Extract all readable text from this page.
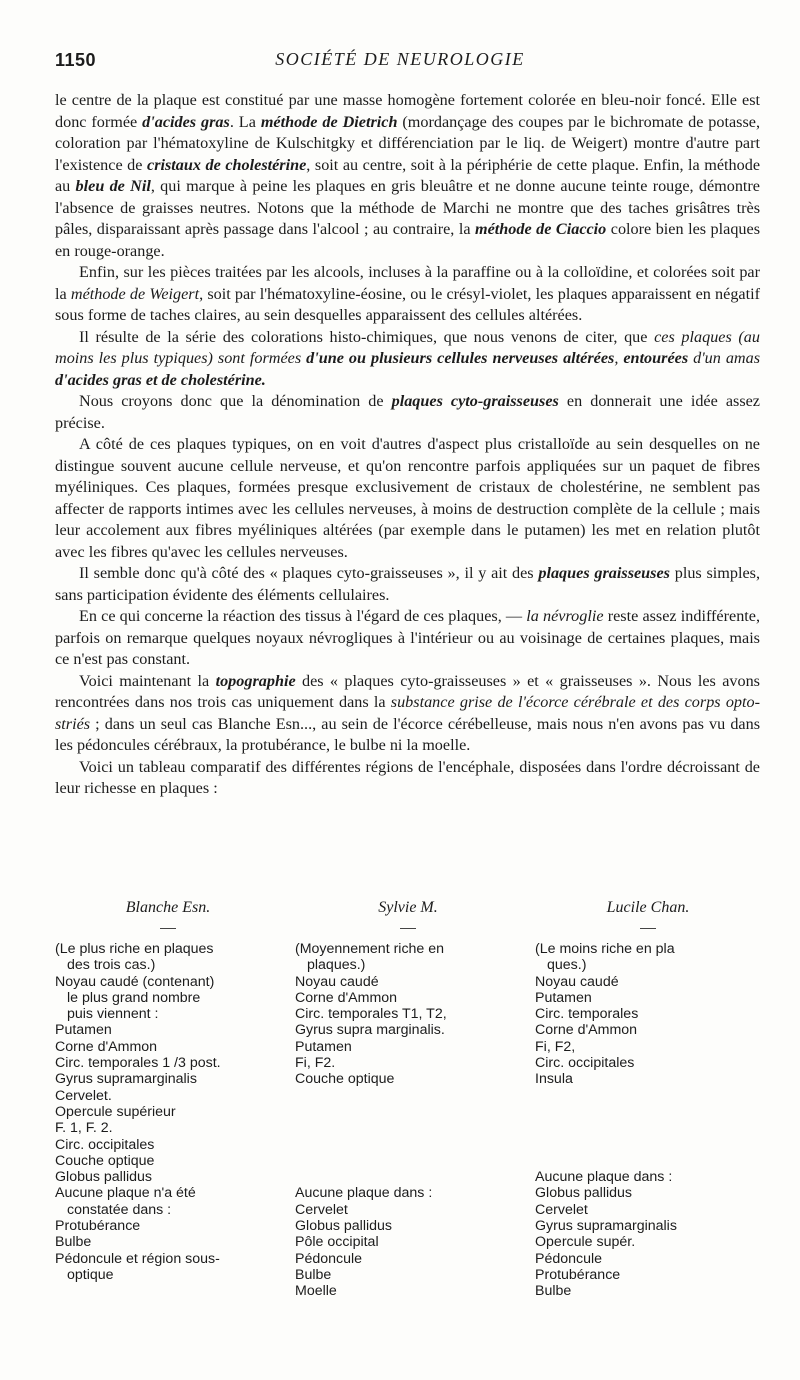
1150	SOCIÉTÉ DE NEUROLOGIE

le centre de la plaque est constitué par une masse homogène fortement colorée en bleu-noir foncé. Elle est donc formée d'acides gras. La méthode de Dietrich (mordançage des coupes par le bichromate de potasse, coloration par l'hématoxyline de Kulschitgky et différenciation par le liq. de Weigert) montre d'autre part l'existence de cristaux de cholestérine, soit au centre, soit à la périphérie de cette plaque. Enfin, la méthode au bleu de Nil, qui marque à peine les plaques en gris bleuâtre et ne donne aucune teinte rouge, démontre l'absence de graisses neutres. Notons que la méthode de Marchi ne montre que des taches grisâtres très pâles, disparaissant après passage dans l'alcool ; au contraire, la méthode de Ciaccio colore bien les plaques en rouge-orange.

Enfin, sur les pièces traitées par les alcools, incluses à la paraffine ou à la colloïdine, et colorées soit par la méthode de Weigert, soit par l'hématoxyline-éosine, ou le crésyl-violet, les plaques apparaissent en négatif sous forme de taches claires, au sein desquelles apparaissent des cellules altérées.

Il résulte de la série des colorations histo-chimiques, que nous venons de citer, que ces plaques (au moins les plus typiques) sont formées d'une ou plusieurs cellules nerveuses altérées, entourées d'un amas d'acides gras et de cholestérine.

Nous croyons donc que la dénomination de plaques cyto-graisseuses en donnerait une idée assez précise.

A côté de ces plaques typiques, on en voit d'autres d'aspect plus cristalloïde au sein desquelles on ne distingue souvent aucune cellule nerveuse, et qu'on rencontre parfois appliquées sur un paquet de fibres myéliniques. Ces plaques, formées presque exclusivement de cristaux de cholestérine, ne semblent pas affecter de rapports intimes avec les cellules nerveuses, à moins de destruction complète de la cellule ; mais leur accolement aux fibres myéliniques altérées (par exemple dans le putamen) les met en relation plutôt avec les fibres qu'avec les cellules nerveuses.

Il semble donc qu'à côté des « plaques cyto-graisseuses », il y ait des plaques graisseuses plus simples, sans participation évidente des éléments cellulaires.

En ce qui concerne la réaction des tissus à l'égard de ces plaques, — la névroglie reste assez indifférente, parfois on remarque quelques noyaux névrogliques à l'intérieur ou au voisinage de certaines plaques, mais ce n'est pas constant.

Voici maintenant la topographie des « plaques cyto-graisseuses » et « graisseuses ». Nous les avons rencontrées dans nos trois cas uniquement dans la substance grise de l'écorce cérébrale et des corps opto-striés ; dans un seul cas Blanche Esn..., au sein de l'écorce cérébelleuse, mais nous n'en avons pas vu dans les pédoncules cérébraux, la protubérance, le bulbe ni la moelle.

Voici un tableau comparatif des différentes régions de l'encéphale, disposées dans l'ordre décroissant de leur richesse en plaques :

Blanche Esn.
(Le plus riche en plaques
des trois cas.)
Noyau caudé (contenant)
le plus grand nombre
puis viennent :
Putamen
Corne d'Ammon
Circ. temporales 1 /3 post.
Gyrus supramarginalis
Cervelet.
Opercule supérieur
F. 1, F. 2.
Circ. occipitales
Couche optique
Globus pallidus
Aucune plaque n'a été
constatée dans :
Protubérance
Bulbe
Pédoncule et région sous-
optique
Sylvie M.
(Moyennement riche en
plaques.)
Noyau caudé
Corne d'Ammon
Circ. temporales T1, T2,
Gyrus supra marginalis.
Putamen
Fi, F2.
Couche optique
Aucune plaque dans :
Cervelet
Globus pallidus
Pôle occipital
Pédoncule
Bulbe
Moelle
Lucile Chan.
(Le moins riche en pla
ques.)
Noyau caudé
Putamen
Circ. temporales
Corne d'Ammon
Fi, F2,
Circ. occipitales
Insula
Aucune plaque dans :
Globus pallidus
Cervelet
Gyrus supramarginalis
Opercule supér.
Pédoncule
Protubérance
Bulbe
